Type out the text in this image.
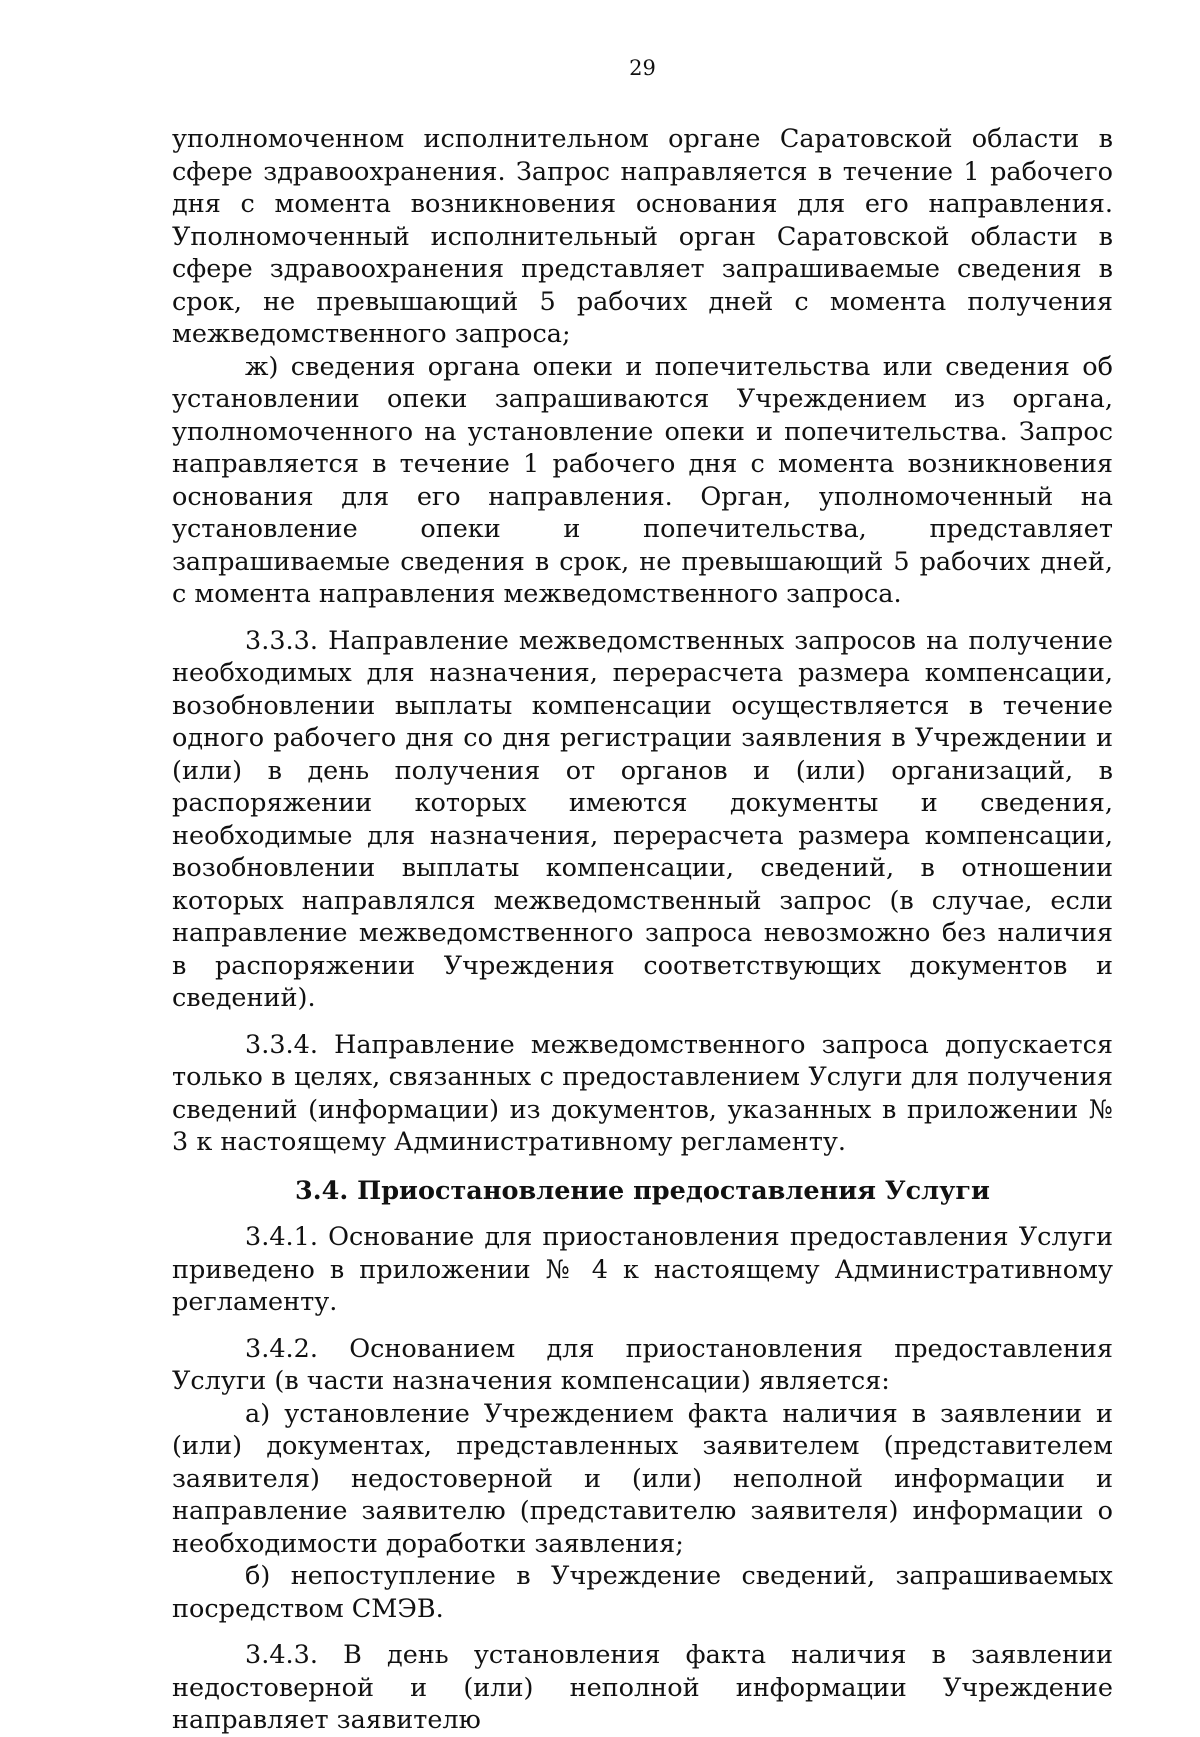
29

уполномоченном исполнительном органе Саратовской области в сфере здравоохранения. Запрос направляется в течение 1 рабочего дня с момента возникновения основания для его направления. Уполномоченный исполнительный орган Саратовской области в сфере здравоохранения представляет запрашиваемые сведения в срок, не превышающий 5 рабочих дней с момента получения межведомственного запроса;

ж) сведения органа опеки и попечительства или сведения об установлении опеки запрашиваются Учреждением из органа, уполномоченного на установление опеки и попечительства. Запрос направляется в течение 1 рабочего дня с момента возникновения основания для его направления. Орган, уполномоченный на установление опеки и попечительства, представляет запрашиваемые сведения в срок, не превышающий 5 рабочих дней, с момента направления межведомственного запроса.

3.3.3. Направление межведомственных запросов на получение необходимых для назначения, перерасчета размера компенсации, возобновлении выплаты компенсации осуществляется в течение одного рабочего дня со дня регистрации заявления в Учреждении и (или) в день получения от органов и (или) организаций, в распоряжении которых имеются документы и сведения, необходимые для назначения, перерасчета размера компенсации, возобновлении выплаты компенсации, сведений, в отношении которых направлялся межведомственный запрос (в случае, если направление межведомственного запроса невозможно без наличия в распоряжении Учреждения соответствующих документов и сведений).

3.3.4. Направление межведомственного запроса допускается только в целях, связанных с предоставлением Услуги для получения сведений (информации) из документов, указанных в приложении № 3 к настоящему Административному регламенту.

3.4. Приостановление предоставления Услуги

3.4.1. Основание для приостановления предоставления Услуги приведено в приложении № 4 к настоящему Административному регламенту.

3.4.2. Основанием для приостановления предоставления Услуги (в части назначения компенсации) является:

а) установление Учреждением факта наличия в заявлении и (или) документах, представленных заявителем (представителем заявителя) недостоверной и (или) неполной информации и направление заявителю (представителю заявителя) информации о необходимости доработки заявления;

б) непоступление в Учреждение сведений, запрашиваемых посредством СМЭВ.

3.4.3. В день установления факта наличия в заявлении недостоверной и (или) неполной информации Учреждение направляет заявителю
